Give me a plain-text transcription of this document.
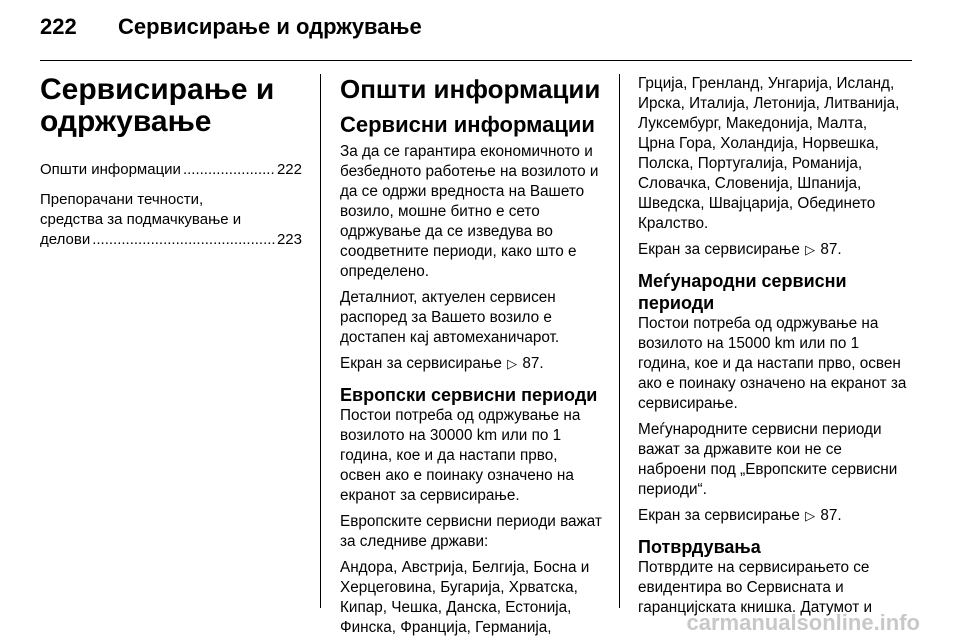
222 Сервисирање и одржување
Сервисирање и
одржување
Општи информации .....	222
Препорачани течности,
средства за подмачкување и
делови .....	223
Општи информации
Сервисни информации

За да се гарантира економичното и безбедното работење на возилото и да се одржи вредноста на Вашето возило, мошне битно е сето одржување да се изведува во соодветните периоди, како што е определено.

Деталниот, актуелен сервисен распоред за Вашето возило е достапен кај автомеханичарот.

Екран за сервисирање ▷ 87.

Европски сервисни периоди

Постои потреба од одржување на возилото на 30000 km или по 1 година, кое и да настапи прво, освен ако е поинаку означено на екранот за сервисирање.

Европските сервисни периоди важат за следниве држави:

Андора, Австрија, Белгија, Босна и Херцеговина, Бугарија, Хрватска, Кипар, Чешка, Данска, Естонија, Финска, Франција, Германија,

Грција, Гренланд, Унгарија, Исланд, Ирска, Италија, Летонија, Литванија, Луксембург, Македонија, Малта, Црна Гора, Холандија, Норвешка, Полска, Португалија, Романија, Словачка, Словенија, Шпанија, Шведска, Швајцарија, Обединето Кралство.

Екран за сервисирање ▷ 87.

Меѓународни сервисни
периоди

Постои потреба од одржување на возилото на 15000 km или по 1 година, кое и да настапи прво, освен ако е поинаку означено на екранот за сервисирање.

Меѓународните сервисни периоди важат за државите кои не се наброени под „Европските сервисни периоди“.

Екран за сервисирање ▷ 87.

Потврдувања

Потврдите на сервисирањето се евидентира во Сервисната и гаранцијската книшка. Датумот и

carmanualsonline.info
